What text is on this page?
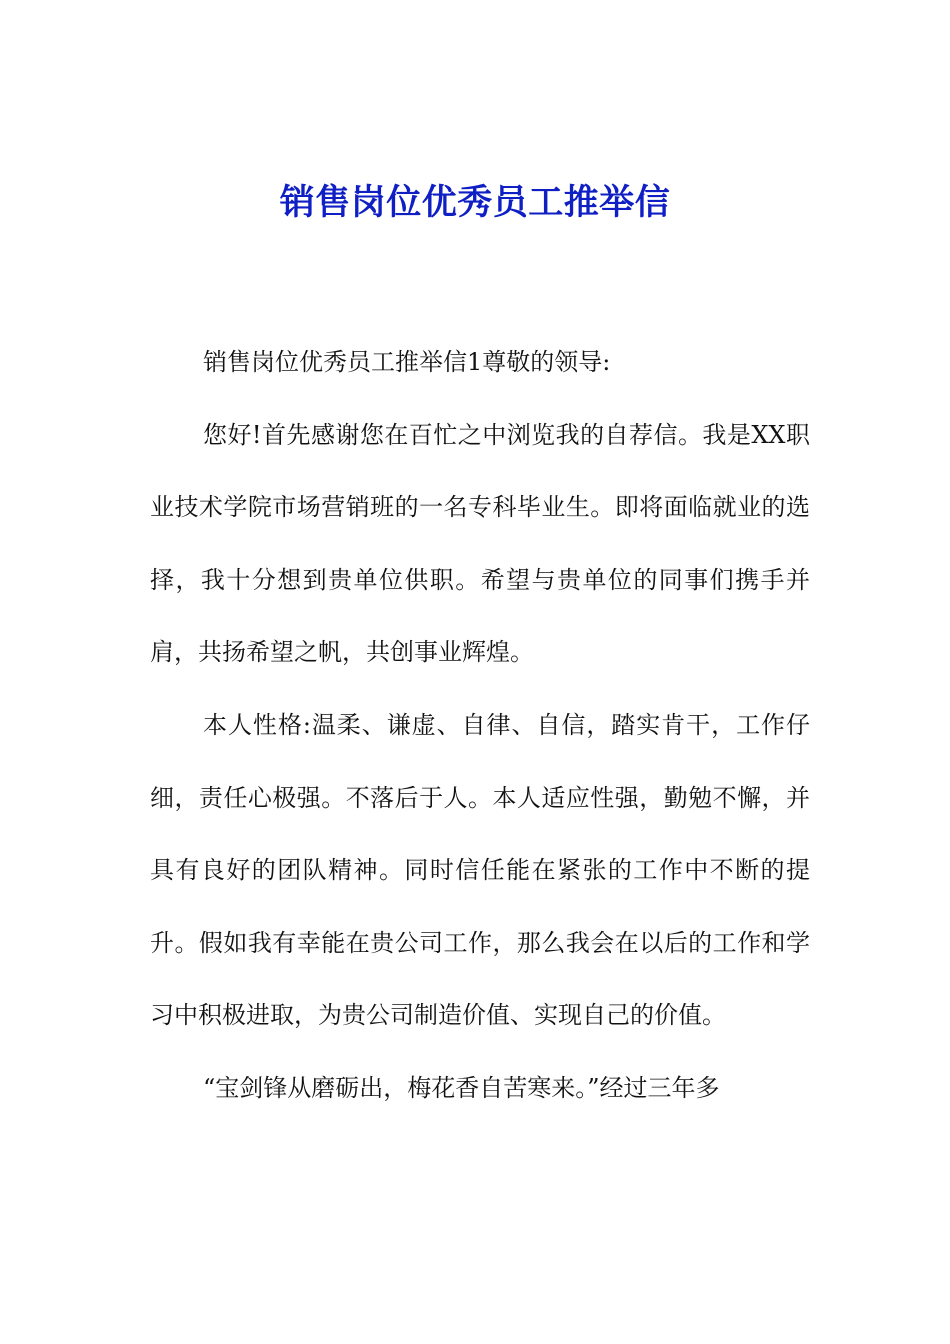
销售岗位优秀员工推举信

销售岗位优秀员工推举信1尊敬的领导:

您好!首先感谢您在百忙之中浏览我的自荐信。我是XX职业技术学院市场营销班的一名专科毕业生。即将面临就业的选择，我十分想到贵单位供职。希望与贵单位的同事们携手并肩，共扬希望之帆，共创事业辉煌。

本人性格:温柔、谦虚、自律、自信，踏实肯干，工作仔细，责任心极强。不落后于人。本人适应性强，勤勉不懈，并具有良好的团队精神。同时信任能在紧张的工作中不断的提升。假如我有幸能在贵公司工作，那么我会在以后的工作和学习中积极进取，为贵公司制造价值、实现自己的价值。

“宝剑锋从磨砺出，梅花香自苦寒来。”经过三年多
